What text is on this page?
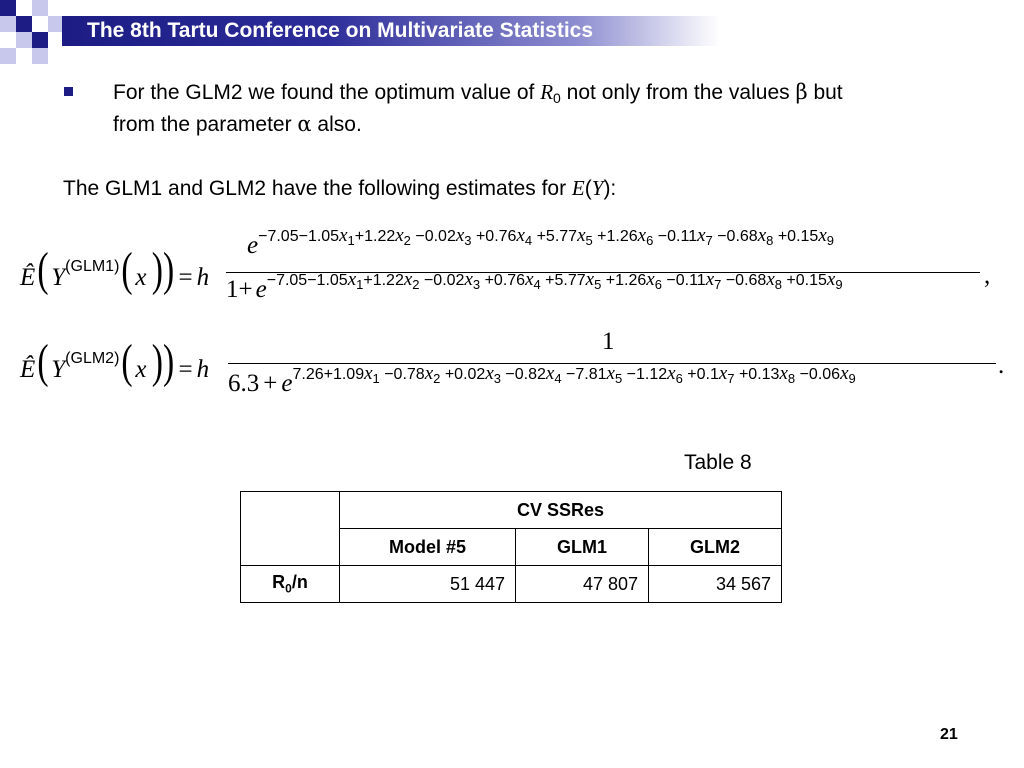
The 8th Tartu Conference on Multivariate Statistics
For the GLM2 we found the optimum value of $R_0$ not only from the values β but
from the parameter α also.
The GLM1 and GLM2 have the following estimates for E(Y):
Ê(Y(GLM1)(x)) = h
$e-7.05-1.05x_1+1.22x_2 -0.02x_3 +0.76x_4 +5.77x_5 +1.26x_6 -0.11x_7 -0.68x_8 +0.15x_9$
$1+ e-7.05-1.05x_1+1.22x_2 -0.02x_3 +0.76x_4 +5.77x_5 +1.26x_6 -0.11x_7 -0.68x_8 +0.15x_9$	,
Ê(Y(GLM2)(x)) = h
1
$6.3 + e7.26+1.09x_1 -0.78x_2 +0.02x_3 -0.82x_4 -7.81x_5 -1.12x_6 +0.1x_7 +0.13x_8 -0.06x_9$	.
Table 8
	CV SSRes		
	Model #5	GLM1	GLM2
$R_0/n$	51 447	47 807	34 567
21
